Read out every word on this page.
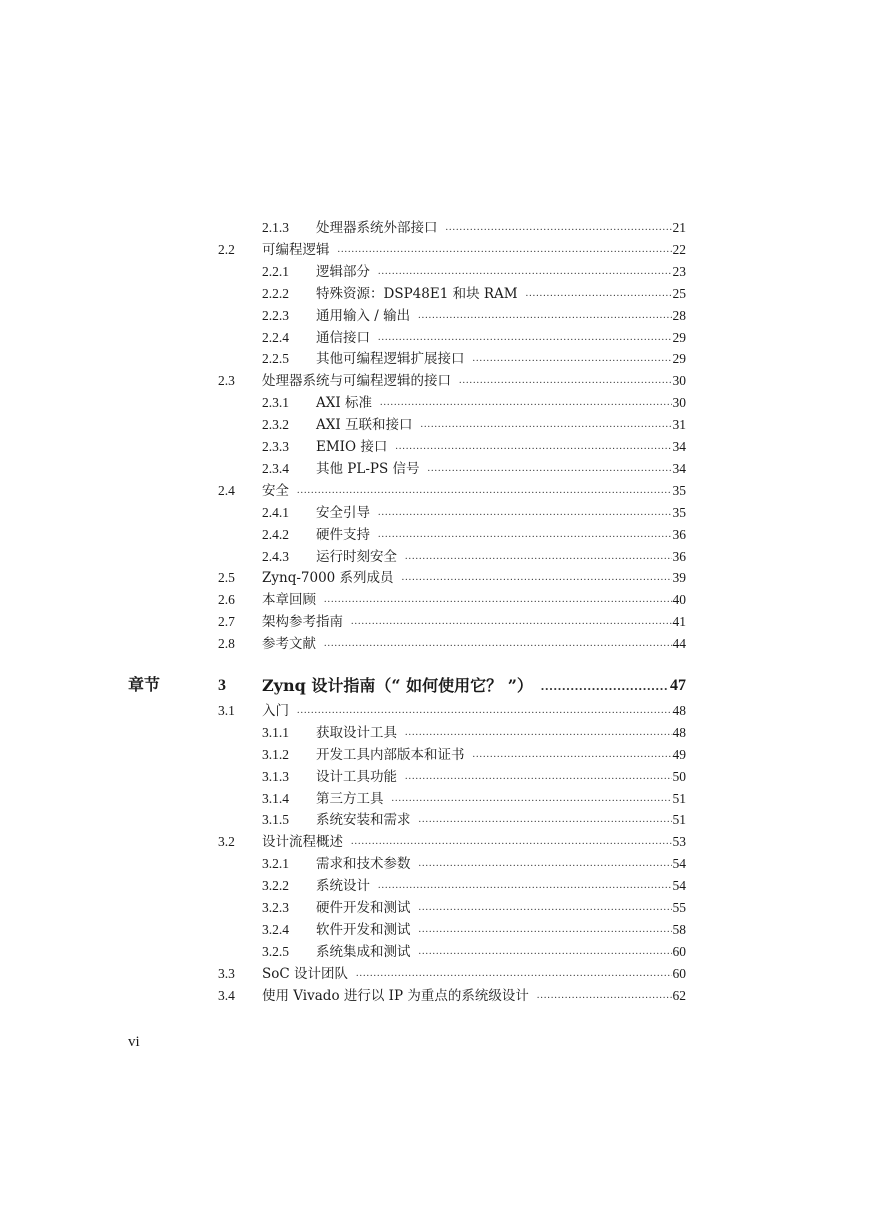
2.1.3 处理器系统外部接口 .....	21
2.2 可编程逻辑 .....	22
2.2.1 逻辑部分 .....	23
2.2.2 特殊资源：DSP48E1 和块 RAM .....	25
2.2.3 通用输入 / 输出 .....	28
2.2.4 通信接口 .....	29
2.2.5 其他可编程逻辑扩展接口 .....	29
2.3 处理器系统与可编程逻辑的接口 .....	30
2.3.1 AXI 标准 .....	30
2.3.2 AXI 互联和接口 .....	31
2.3.3 EMIO 接口 .....	34
2.3.4 其他 PL-PS 信号 .....	34
2.4 安全 .....	35
2.4.1 安全引导 .....	35
2.4.2 硬件支持 .....	36
2.4.3 运行时刻安全 .....	36
2.5 Zynq-7000 系列成员 .....	39
2.6 本章回顾 .....	40
2.7 架构参考指南 .....	41
2.8 参考文献 .....	44
3 Zynq 设计指南（“ 如何使用它？ ”） .....	47
3.1 入门 .....	48
3.1.1 获取设计工具 .....	48
3.1.2 开发工具内部版本和证书 .....	49
3.1.3 设计工具功能 .....	50
3.1.4 第三方工具 .....	51
3.1.5 系统安装和需求 .....	51
3.2 设计流程概述 .....	53
3.2.1 需求和技术参数 .....	54
3.2.2 系统设计 .....	54
3.2.3 硬件开发和测试 .....	55
3.2.4 软件开发和测试 .....	58
3.2.5 系统集成和测试 .....	60
3.3 SoC 设计团队 .....	60
3.4 使用 Vivado 进行以 IP 为重点的系统级设计 .....	62
章节
vi
